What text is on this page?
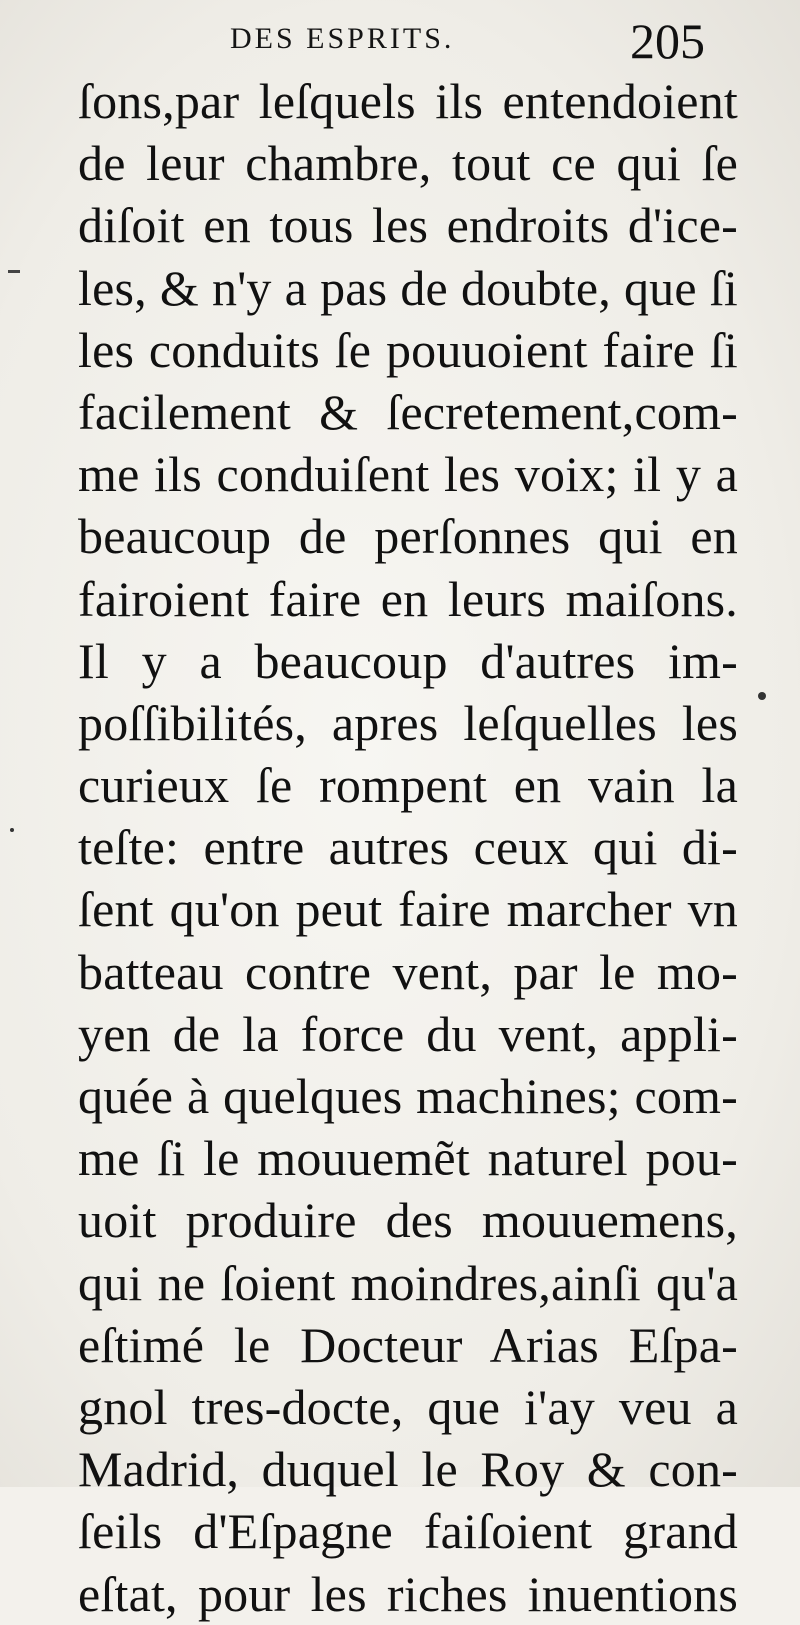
DES ESPRITS.	205
ſons,par leſquels ils entendoient
de leur chambre, tout ce qui ſe
diſoit en tous les endroits d'ice-
les, & n'y a pas de doubte, que ſi
les conduits ſe pouuoient faire ſi
facilement & ſecretement,com-
me ils conduiſent les voix; il y a
beaucoup de perſonnes qui en
fairoient faire en leurs maiſons.
Il y a beaucoup d'autres im-
poſſibilités, apres leſquelles les
curieux ſe rompent en vain la
teſte: entre autres ceux qui di-
ſent qu'on peut faire marcher vn
batteau contre vent, par le mo-
yen de la force du vent, appli-
quée à quelques machines; com-
me ſi le mouuemẽt naturel pou-
uoit produire des mouuemens,
qui ne ſoient moindres,ainſi qu'a
eſtimé le Docteur Arias Eſpa-
gnol tres-docte, que i'ay veu a
Madrid, duquel le Roy & con-
ſeils d'Eſpagne faiſoient grand
eſtat, pour les riches inuentions
